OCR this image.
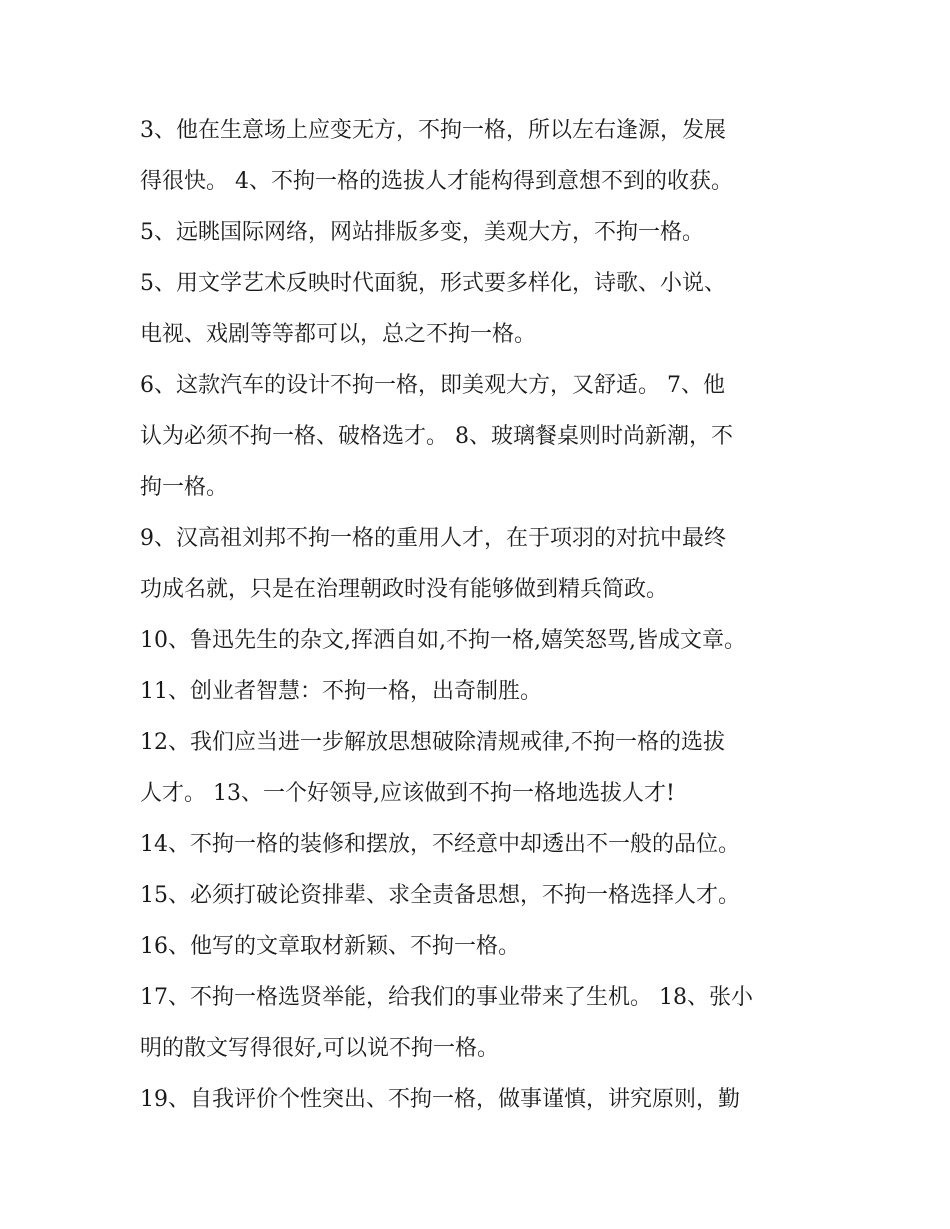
3、他在生意场上应变无方，不拘一格，所以左右逢源，发展
得很快。 4、不拘一格的选拔人才能构得到意想不到的收获。
5、远眺国际网络，网站排版多变，美观大方，不拘一格。
5、用文学艺术反映时代面貌，形式要多样化，诗歌、小说、
电视、戏剧等等都可以，总之不拘一格。
6、这款汽车的设计不拘一格，即美观大方，又舒适。 7、他
认为必须不拘一格、破格选才。 8、玻璃餐桌则时尚新潮，不
拘一格。
9、汉高祖刘邦不拘一格的重用人才，在于项羽的对抗中最终
功成名就，只是在治理朝政时没有能够做到精兵简政。
10、鲁迅先生的杂文,挥洒自如,不拘一格,嬉笑怒骂,皆成文章。
11、创业者智慧：不拘一格，出奇制胜。
12、我们应当进一步解放思想破除清规戒律,不拘一格的选拔
人才。 13、一个好领导,应该做到不拘一格地选拔人才!
14、不拘一格的装修和摆放，不经意中却透出不一般的品位。
15、必须打破论资排辈、求全责备思想，不拘一格选择人才。
16、他写的文章取材新颖、不拘一格。
17、不拘一格选贤举能，给我们的事业带来了生机。 18、张小
明的散文写得很好,可以说不拘一格。
19、自我评价个性突出、不拘一格，做事谨慎，讲究原则，勤
